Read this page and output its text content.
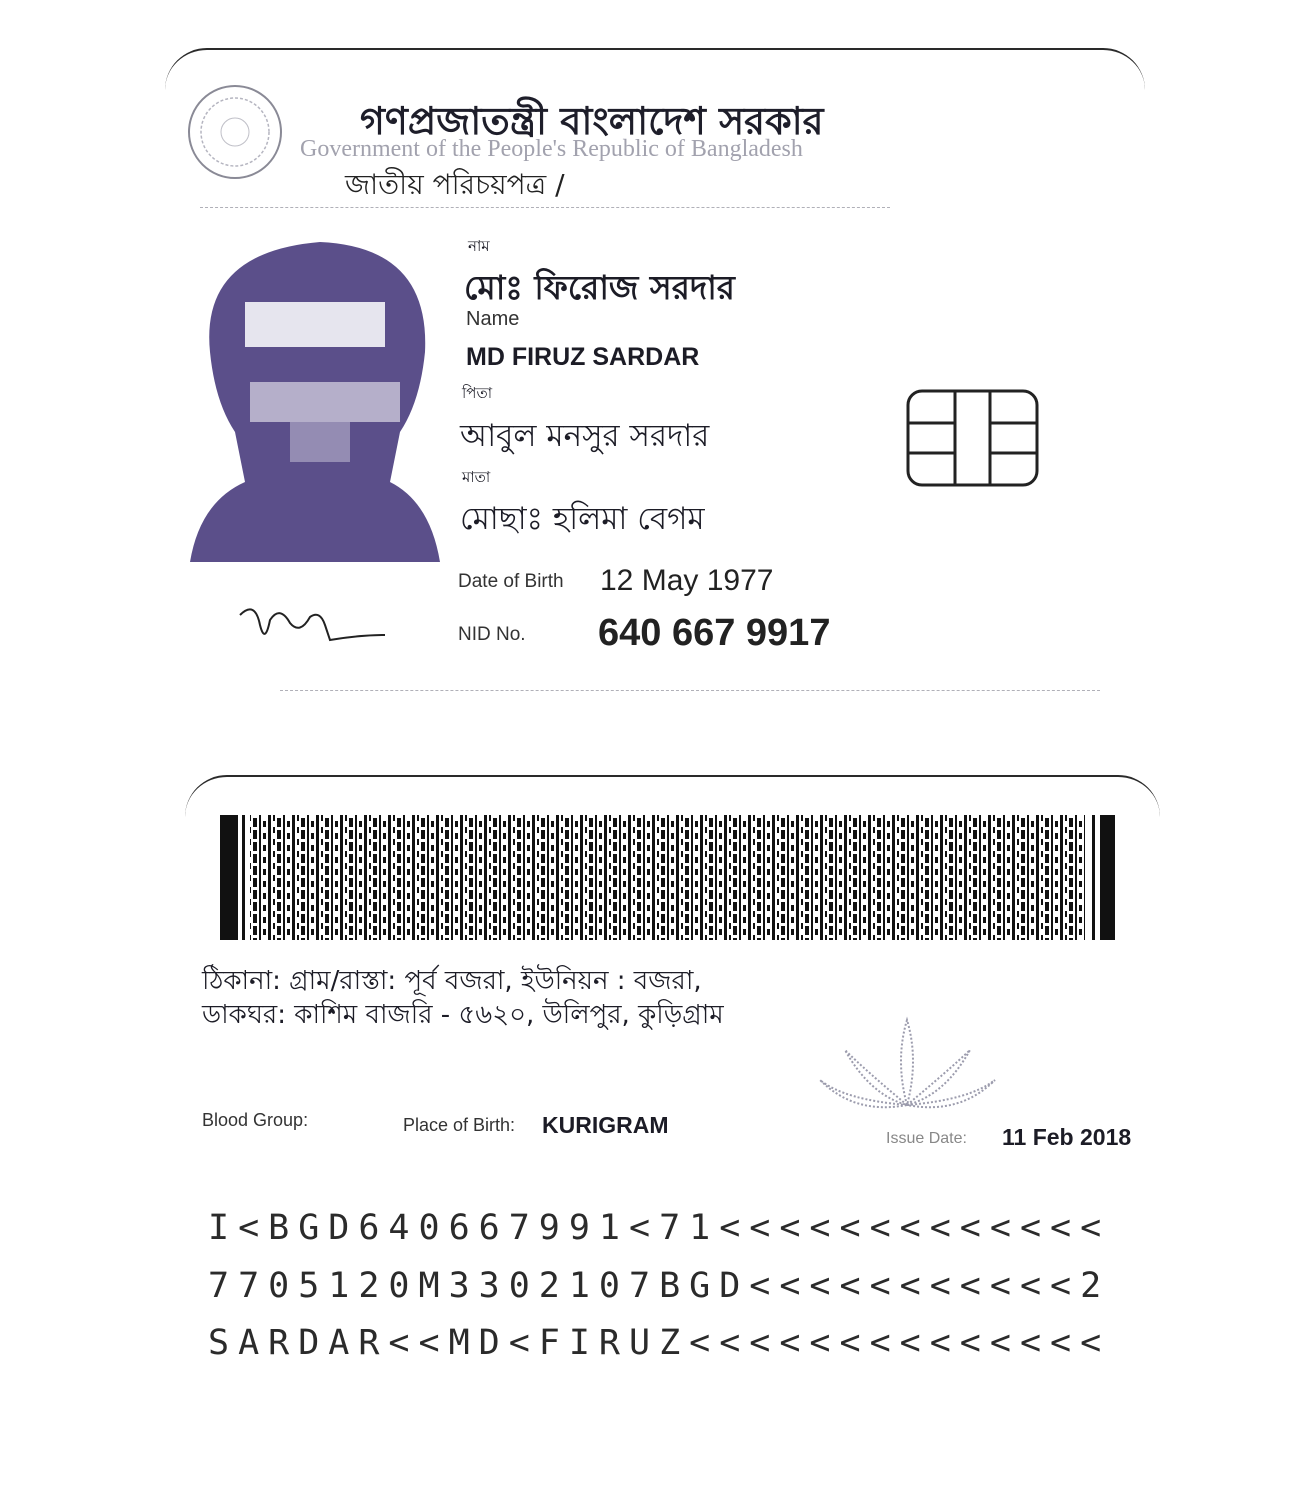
গণপ্রজাতন্ত্রী বাংলাদেশ সরকার
Government of the People's Republic of Bangladesh
জাতীয় পরিচয়পত্র /
নাম
মোঃ ফিরোজ সরদার
Name
MD FIRUZ SARDAR
পিতা
আবুল মনসুর সরদার
মাতা
মোছাঃ হলিমা বেগম
Date of Birth 12 May 1977
NID No. 640 667 9917
ঠিকানা: গ্রাম/রাস্তা: পূর্ব বজরা, ইউনিয়ন : বজরা,
ডাকঘর: কাশিম বাজরি - ৫৬২০, উলিপুর, কুড়িগ্রাম
Blood Group:	Place of Birth: KURIGRAM
Issue Date: 11 Feb 2018
I<BGD640667991<71<<<<<<<<<<<<<
7705120M3302107BGD<<<<<<<<<<<2
SARDAR<<MD<FIRUZ<<<<<<<<<<<<<<
